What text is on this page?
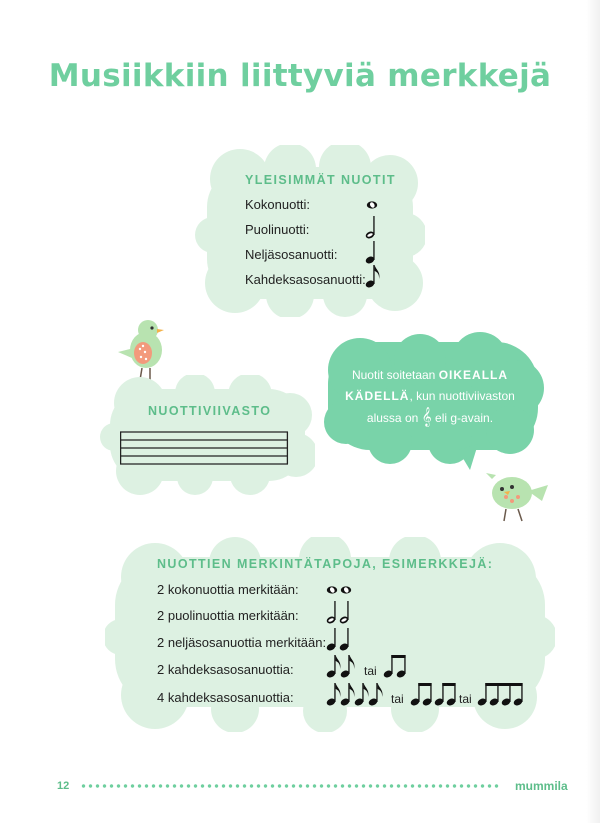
Musiikkiin liittyviä merkkejä
YLEISIMMÄT NUOTIT
Kokonuotti:
Puolinuotti:
Neljäsosanuotti:
Kahdeksasosanuotti:
NUOTTIVIIVASTO
Nuotit soitetaan OIKEALLA
KÄDELLÄ, kun nuottiviivaston
alussa on 𝄞 eli g-avain.
NUOTTIEN MERKINTÄTAPOJA, ESIMERKKEJÄ:
2 kokonuottia merkitään:
2 puolinuottia merkitään:
2 neljäsosanuottia merkitään:
2 kahdeksasosanuottia:
4 kahdeksasosanuottia:
tai
tai	tai
12	mummila
